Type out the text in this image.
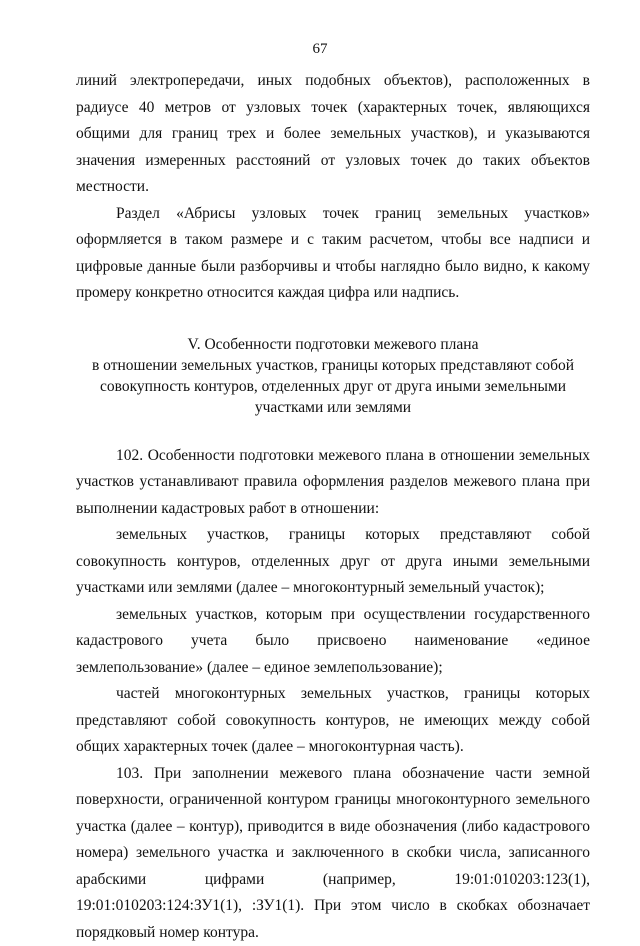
67

линий электропередачи, иных подобных объектов), расположенных в радиусе 40 метров от узловых точек (характерных точек, являющихся общими для границ трех и более земельных участков), и указываются значения измеренных расстояний от узловых точек до таких объектов местности.

Раздел «Абрисы узловых точек границ земельных участков» оформляется в таком размере и с таким расчетом, чтобы все надписи и цифровые данные были разборчивы и чтобы наглядно было видно, к какому промеру конкретно относится каждая цифра или надпись.

V. Особенности подготовки межевого плана
в отношении земельных участков, границы которых представляют собой
совокупность контуров, отделенных друг от друга иными земельными
участками или землями

102. Особенности подготовки межевого плана в отношении земельных участков устанавливают правила оформления разделов межевого плана при выполнении кадастровых работ в отношении:

земельных участков, границы которых представляют собой совокупность контуров, отделенных друг от друга иными земельными участками или землями (далее – многоконтурный земельный участок);

земельных участков, которым при осуществлении государственного кадастрового учета было присвоено наименование «единое землепользование» (далее – единое землепользование);

частей многоконтурных земельных участков, границы которых представляют собой совокупность контуров, не имеющих между собой общих характерных точек (далее – многоконтурная часть).

103. При заполнении межевого плана обозначение части земной поверхности, ограниченной контуром границы многоконтурного земельного участка (далее – контур), приводится в виде обозначения (либо кадастрового номера) земельного участка и заключенного в скобки числа, записанного арабскими цифрами (например, 19:01:010203:123(1), 19:01:010203:124:ЗУ1(1), :ЗУ1(1). При этом число в скобках обозначает порядковый номер контура.
